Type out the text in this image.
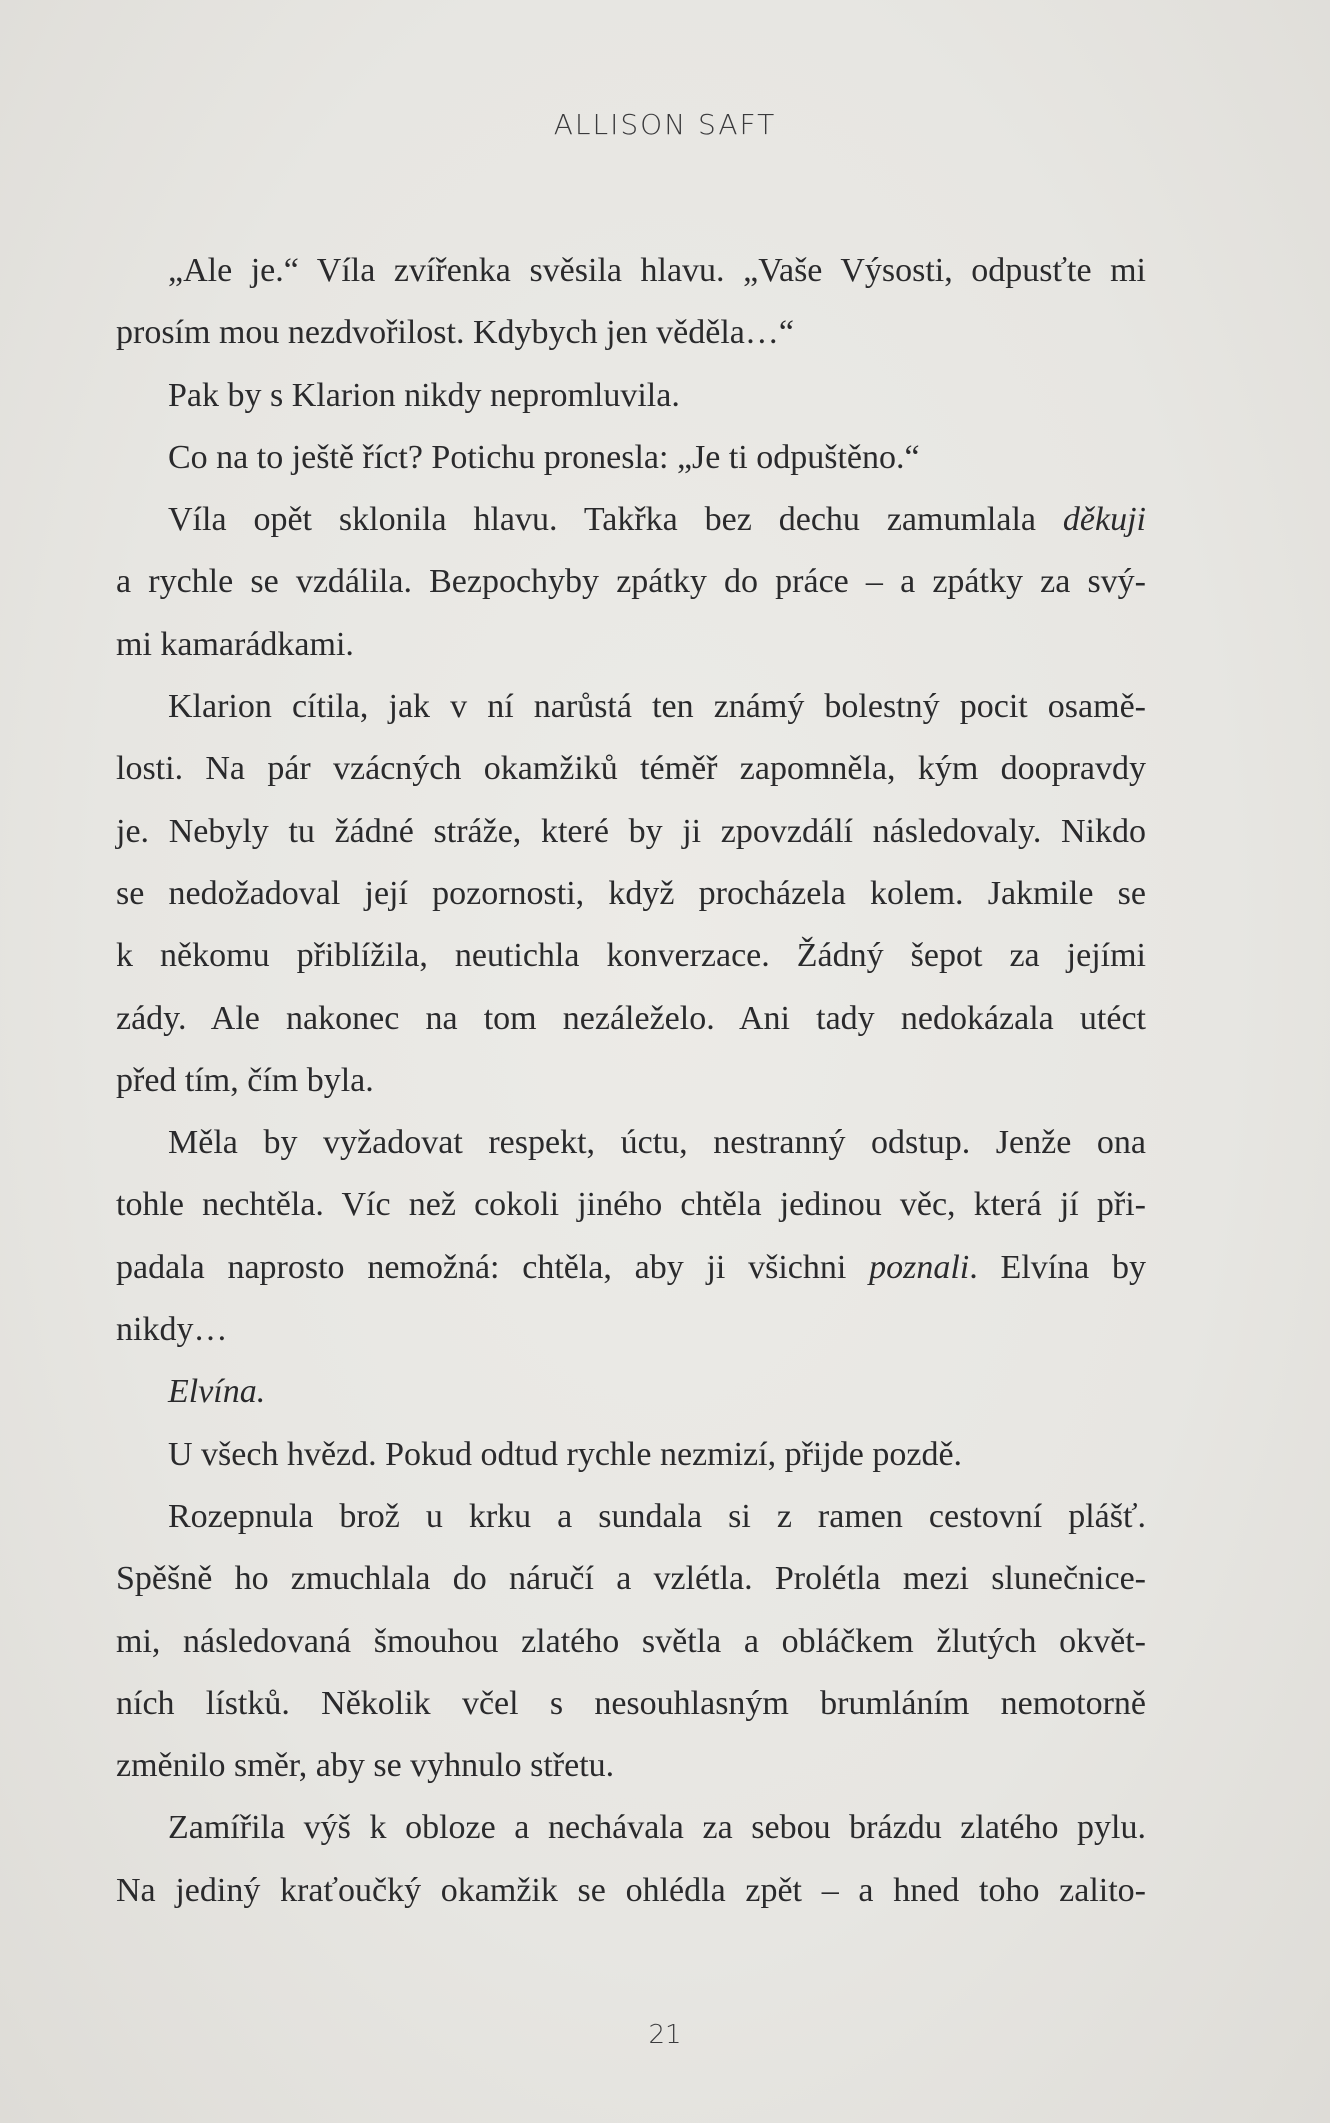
ALLISON SAFT
„Ale je.“ Víla zvířenka svěsila hlavu. „Vaše Výsosti, odpusťte mi
prosím mou nezdvořilost. Kdybych jen věděla…“
Pak by s Klarion nikdy nepromluvila.
Co na to ještě říct? Potichu pronesla: „Je ti odpuštěno.“
Víla opět sklonila hlavu. Takřka bez dechu zamumlala děkuji
a rychle se vzdálila. Bezpochyby zpátky do práce – a zpátky za svý-
mi kamarádkami.
Klarion cítila, jak v ní narůstá ten známý bolestný pocit osamě-
losti. Na pár vzácných okamžiků téměř zapomněla, kým doopravdy
je. Nebyly tu žádné stráže, které by ji zpovzdálí následovaly. Nikdo
se nedožadoval její pozornosti, když procházela kolem. Jakmile se
k někomu přiblížila, neutichla konverzace. Žádný šepot za jejími
zády. Ale nakonec na tom nezáleželo. Ani tady nedokázala utéct
před tím, čím byla.
Měla by vyžadovat respekt, úctu, nestranný odstup. Jenže ona
tohle nechtěla. Víc než cokoli jiného chtěla jedinou věc, která jí při-
padala naprosto nemožná: chtěla, aby ji všichni poznali. Elvína by
nikdy…
Elvína.
U všech hvězd. Pokud odtud rychle nezmizí, přijde pozdě.
Rozepnula brož u krku a sundala si z ramen cestovní plášť.
Spěšně ho zmuchlala do náručí a vzlétla. Prolétla mezi slunečnice-
mi, následovaná šmouhou zlatého světla a obláčkem žlutých okvět-
ních lístků. Několik včel s nesouhlasným brumláním nemotorně
změnilo směr, aby se vyhnulo střetu.
Zamířila výš k obloze a nechávala za sebou brázdu zlatého pylu.
Na jediný kraťoučký okamžik se ohlédla zpět – a hned toho zalito-
21
